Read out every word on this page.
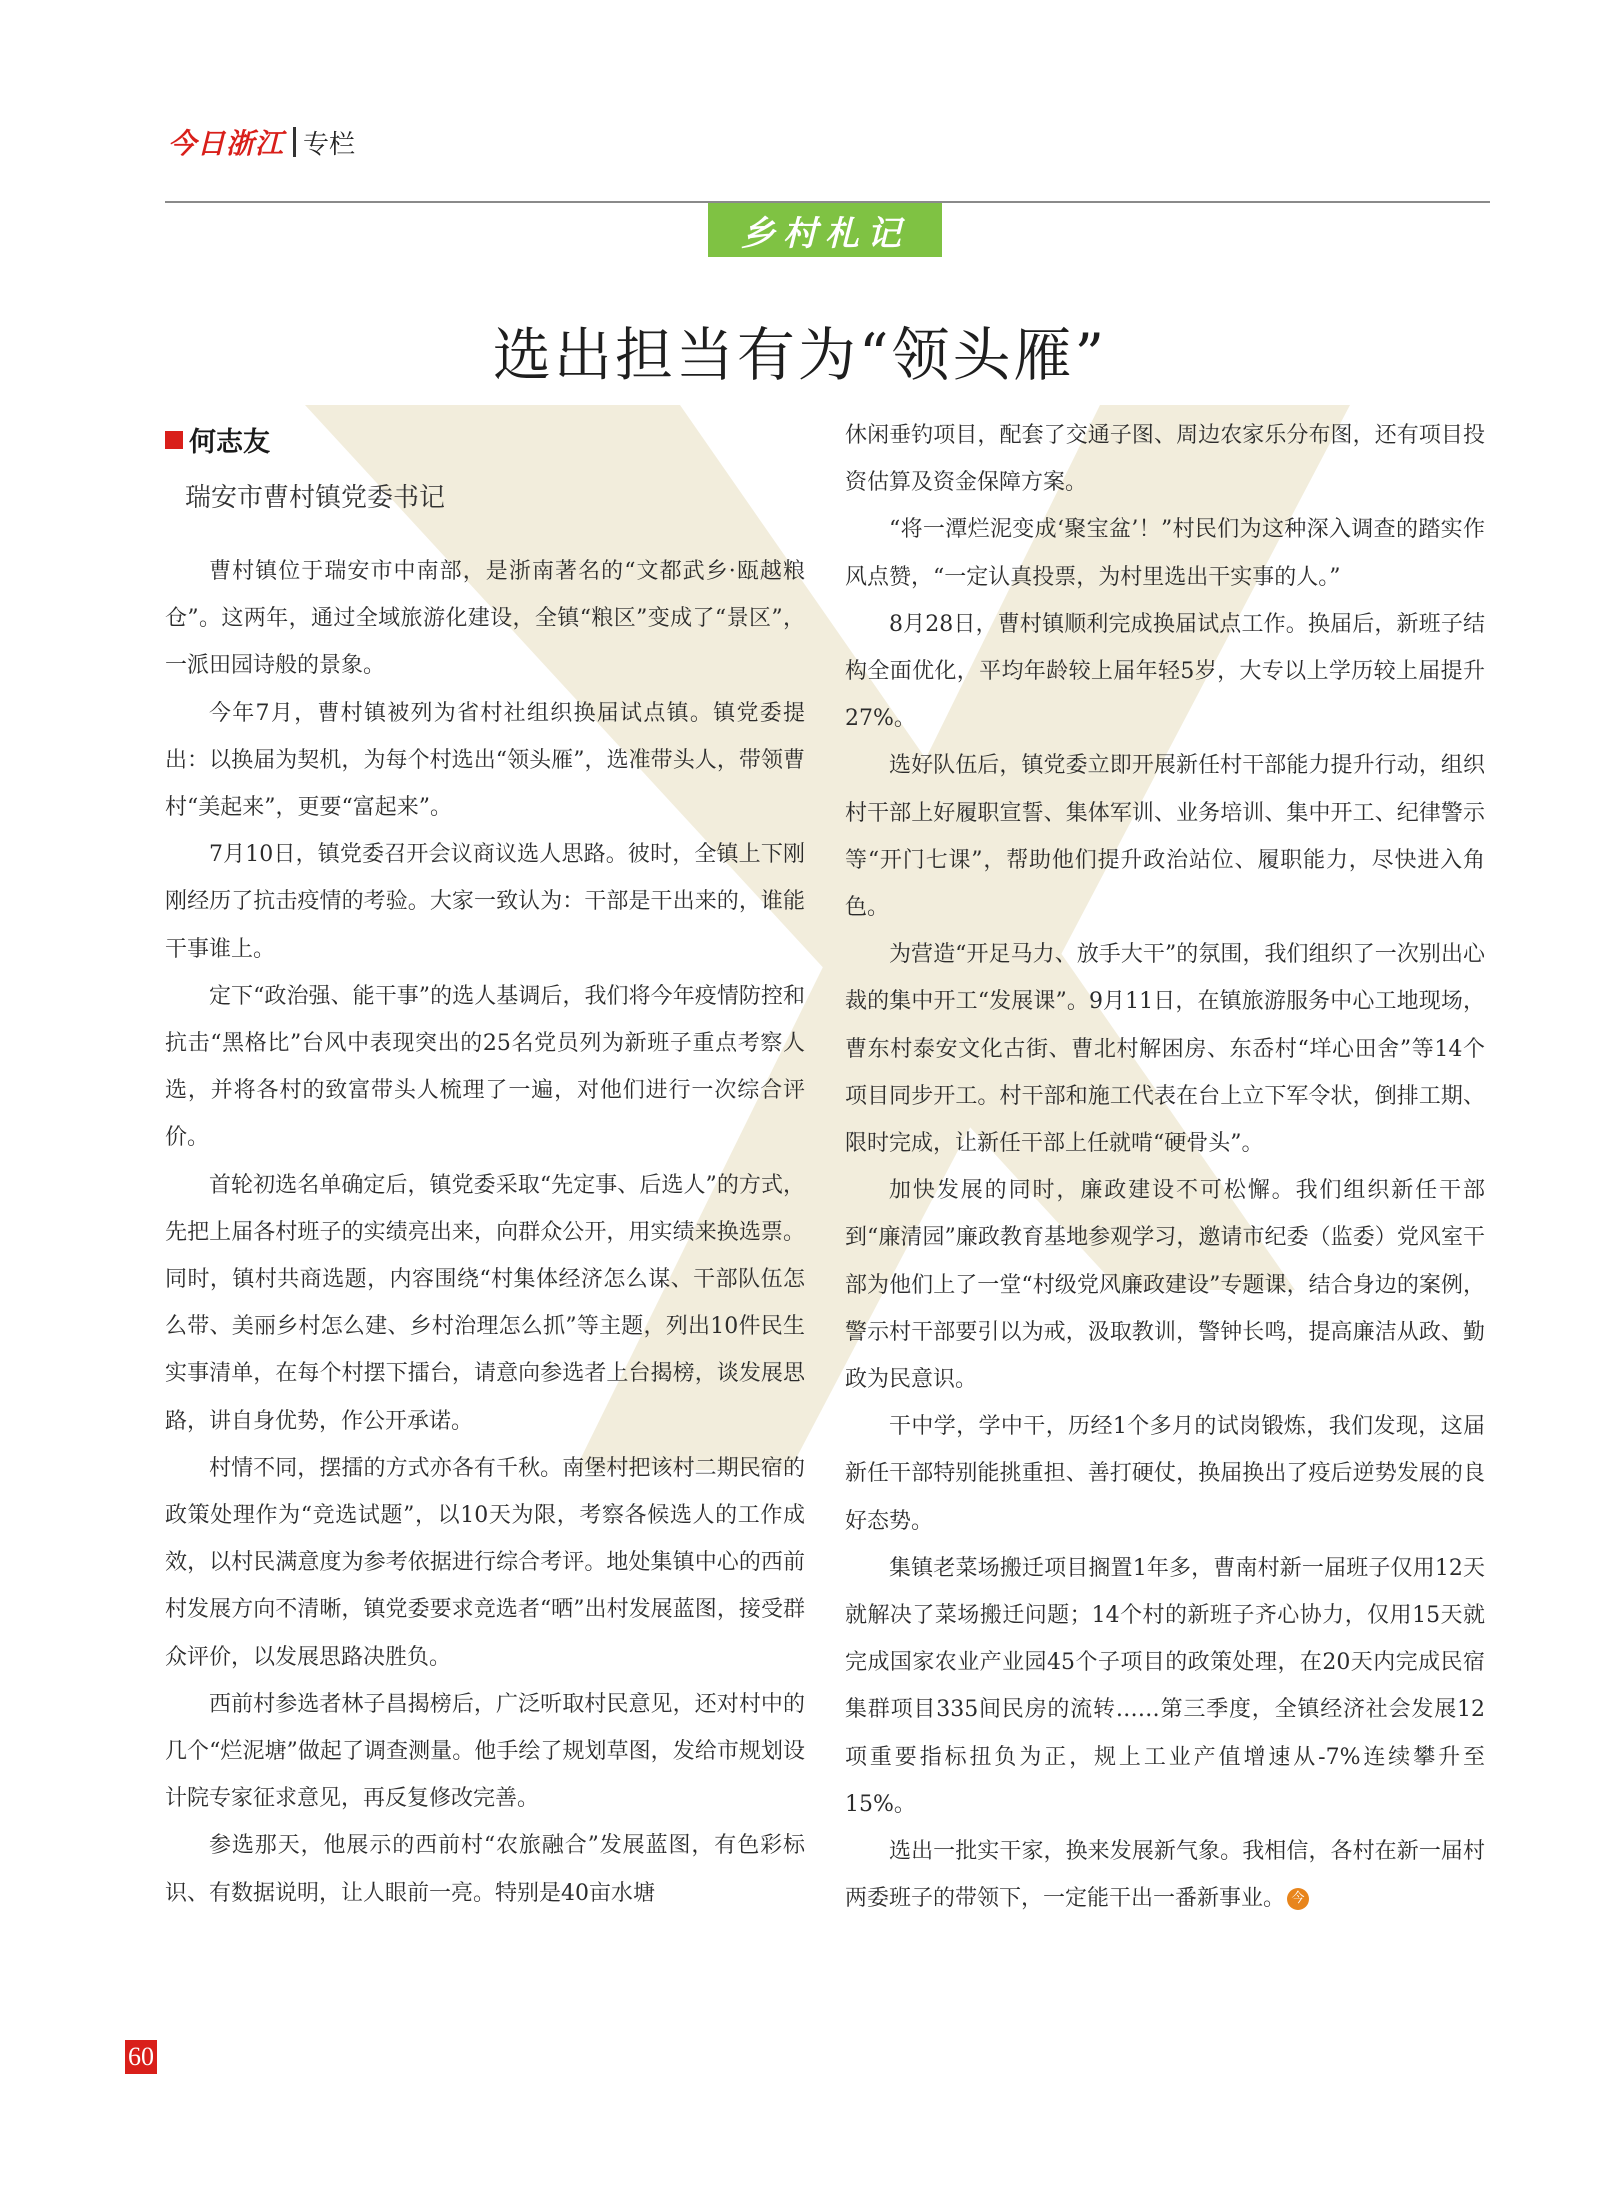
今日浙江 专栏
乡村札记
选出担当有为“领头雁”
何志友
瑞安市曹村镇党委书记

曹村镇位于瑞安市中南部，是浙南著名的“文都武乡·瓯越粮仓”。这两年，通过全域旅游化建设，全镇“粮区”变成了“景区”，一派田园诗般的景象。

今年7月，曹村镇被列为省村社组织换届试点镇。镇党委提出：以换届为契机，为每个村选出“领头雁”，选准带头人，带领曹村“美起来”，更要“富起来”。

7月10日，镇党委召开会议商议选人思路。彼时，全镇上下刚刚经历了抗击疫情的考验。大家一致认为：干部是干出来的，谁能干事谁上。

定下“政治强、能干事”的选人基调后，我们将今年疫情防控和抗击“黑格比”台风中表现突出的25名党员列为新班子重点考察人选，并将各村的致富带头人梳理了一遍，对他们进行一次综合评价。

首轮初选名单确定后，镇党委采取“先定事、后选人”的方式，先把上届各村班子的实绩亮出来，向群众公开，用实绩来换选票。同时，镇村共商选题，内容围绕“村集体经济怎么谋、干部队伍怎么带、美丽乡村怎么建、乡村治理怎么抓”等主题，列出10件民生实事清单，在每个村摆下擂台，请意向参选者上台揭榜，谈发展思路，讲自身优势，作公开承诺。

村情不同，摆擂的方式亦各有千秋。南堡村把该村二期民宿的政策处理作为“竞选试题”，以10天为限，考察各候选人的工作成效，以村民满意度为参考依据进行综合考评。地处集镇中心的西前村发展方向不清晰，镇党委要求竞选者“晒”出村发展蓝图，接受群众评价，以发展思路决胜负。

西前村参选者林子昌揭榜后，广泛听取村民意见，还对村中的几个“烂泥塘”做起了调查测量。他手绘了规划草图，发给市规划设计院专家征求意见，再反复修改完善。

参选那天，他展示的西前村“农旅融合”发展蓝图，有色彩标识、有数据说明，让人眼前一亮。特别是40亩水塘

休闲垂钓项目，配套了交通子图、周边农家乐分布图，还有项目投资估算及资金保障方案。

“将一潭烂泥变成‘聚宝盆’！”村民们为这种深入调查的踏实作风点赞，“一定认真投票，为村里选出干实事的人。”

8月28日，曹村镇顺利完成换届试点工作。换届后，新班子结构全面优化，平均年龄较上届年轻5岁，大专以上学历较上届提升27%。

选好队伍后，镇党委立即开展新任村干部能力提升行动，组织村干部上好履职宣誓、集体军训、业务培训、集中开工、纪律警示等“开门七课”，帮助他们提升政治站位、履职能力，尽快进入角色。

为营造“开足马力、放手大干”的氛围，我们组织了一次别出心裁的集中开工“发展课”。9月11日，在镇旅游服务中心工地现场，曹东村泰安文化古街、曹北村解困房、东岙村“垟心田舍”等14个项目同步开工。村干部和施工代表在台上立下军令状，倒排工期、限时完成，让新任干部上任就啃“硬骨头”。

加快发展的同时，廉政建设不可松懈。我们组织新任干部到“廉清园”廉政教育基地参观学习，邀请市纪委（监委）党风室干部为他们上了一堂“村级党风廉政建设”专题课，结合身边的案例，警示村干部要引以为戒，汲取教训，警钟长鸣，提高廉洁从政、勤政为民意识。

干中学，学中干，历经1个多月的试岗锻炼，我们发现，这届新任干部特别能挑重担、善打硬仗，换届换出了疫后逆势发展的良好态势。

集镇老菜场搬迁项目搁置1年多，曹南村新一届班子仅用12天就解决了菜场搬迁问题；14个村的新班子齐心协力，仅用15天就完成国家农业产业园45个子项目的政策处理，在20天内完成民宿集群项目335间民房的流转……第三季度，全镇经济社会发展12项重要指标扭负为正，规上工业产值增速从-7%连续攀升至15%。

选出一批实干家，换来发展新气象。我相信，各村在新一届村两委班子的带领下，一定能干出一番新事业。 今

60
